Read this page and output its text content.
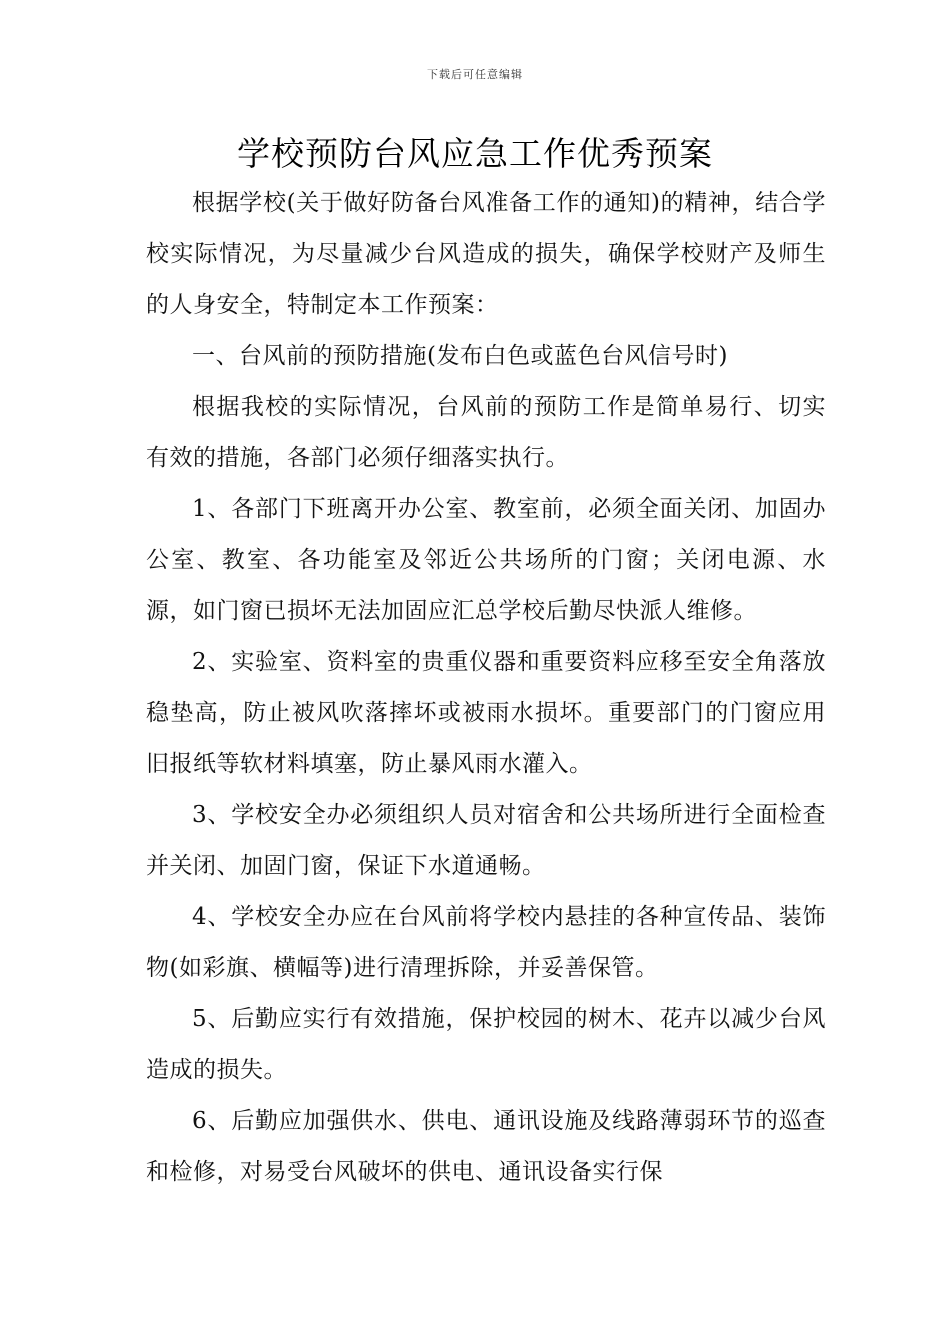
下载后可任意编辑
学校预防台风应急工作优秀预案

根据学校(关于做好防备台风准备工作的通知)的精神，结合学校实际情况，为尽量减少台风造成的损失，确保学校财产及师生的人身安全，特制定本工作预案：

一、台风前的预防措施(发布白色或蓝色台风信号时)

根据我校的实际情况，台风前的预防工作是简单易行、切实有效的措施，各部门必须仔细落实执行。

1、各部门下班离开办公室、教室前，必须全面关闭、加固办公室、教室、各功能室及邻近公共场所的门窗；关闭电源、水源，如门窗已损坏无法加固应汇总学校后勤尽快派人维修。

2、实验室、资料室的贵重仪器和重要资料应移至安全角落放稳垫高，防止被风吹落摔坏或被雨水损坏。重要部门的门窗应用旧报纸等软材料填塞，防止暴风雨水灌入。

3、学校安全办必须组织人员对宿舍和公共场所进行全面检查并关闭、加固门窗，保证下水道通畅。

4、学校安全办应在台风前将学校内悬挂的各种宣传品、装饰物(如彩旗、横幅等)进行清理拆除，并妥善保管。

5、后勤应实行有效措施，保护校园的树木、花卉以减少台风造成的损失。

6、后勤应加强供水、供电、通讯设施及线路薄弱环节的巡查和检修，对易受台风破坏的供电、通讯设备实行保
